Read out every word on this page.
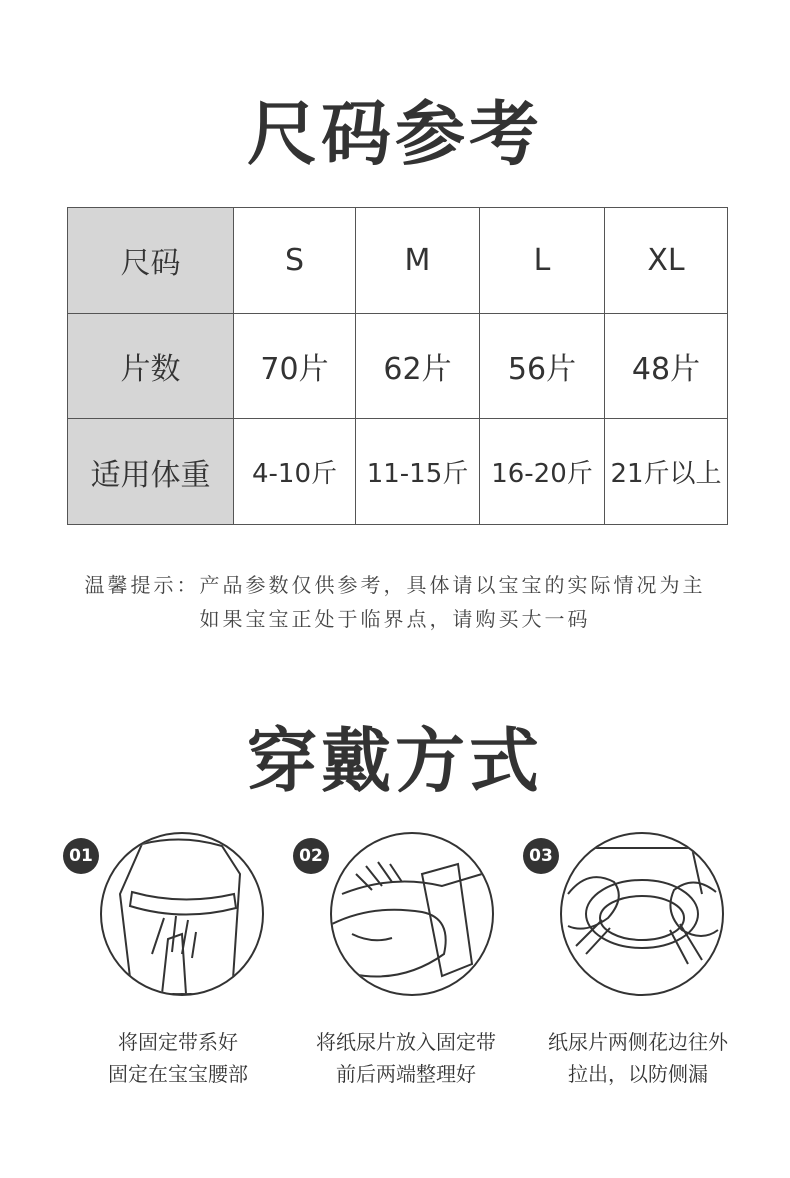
尺码参考
尺码	S	M	L	XL
片数	70片	62片	56片	48片
适用体重	4-10斤	11-15斤	16-20斤	21斤以上
温馨提示：产品参数仅供参考，具体请以宝宝的实际情况为主
如果宝宝正处于临界点，请购买大一码
穿戴方式
01	02	03
将固定带系好
固定在宝宝腰部
将纸尿片放入固定带
前后两端整理好
纸尿片两侧花边往外
拉出，以防侧漏
